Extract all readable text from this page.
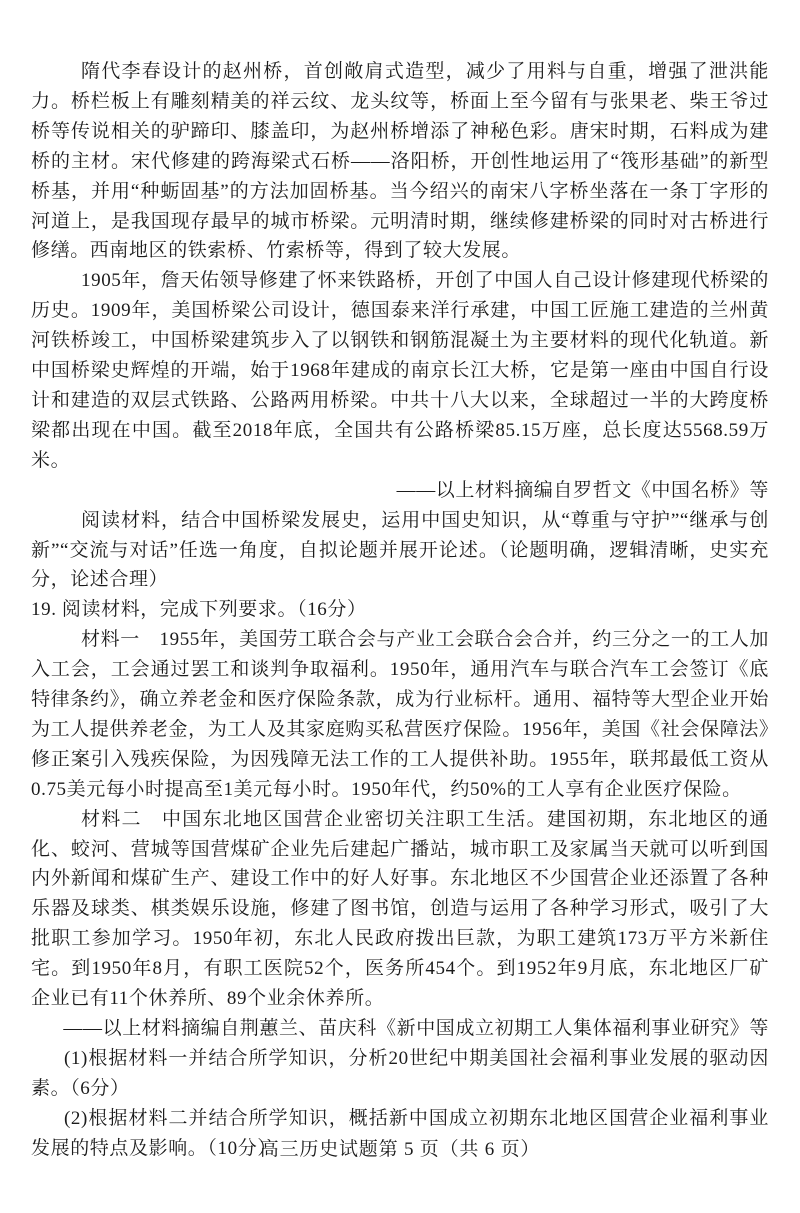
隋代李春设计的赵州桥，首创敞肩式造型，减少了用料与自重，增强了泄洪能力。桥栏板上有雕刻精美的祥云纹、龙头纹等，桥面上至今留有与张果老、柴王爷过桥等传说相关的驴蹄印、膝盖印，为赵州桥增添了神秘色彩。唐宋时期，石料成为建桥的主材。宋代修建的跨海梁式石桥——洛阳桥，开创性地运用了“筏形基础”的新型桥基，并用“种蛎固基”的方法加固桥基。当今绍兴的南宋八字桥坐落在一条丁字形的河道上，是我国现存最早的城市桥梁。元明清时期，继续修建桥梁的同时对古桥进行修缮。西南地区的铁索桥、竹索桥等，得到了较大发展。

1905年，詹天佑领导修建了怀来铁路桥，开创了中国人自己设计修建现代桥梁的历史。1909年，美国桥梁公司设计，德国泰来洋行承建，中国工匠施工建造的兰州黄河铁桥竣工，中国桥梁建筑步入了以钢铁和钢筋混凝土为主要材料的现代化轨道。新中国桥梁史辉煌的开端，始于1968年建成的南京长江大桥，它是第一座由中国自行设计和建造的双层式铁路、公路两用桥梁。中共十八大以来，全球超过一半的大跨度桥梁都出现在中国。截至2018年底，全国共有公路桥梁85.15万座，总长度达5568.59万米。

——以上材料摘编自罗哲文《中国名桥》等

阅读材料，结合中国桥梁发展史，运用中国史知识，从“尊重与守护”“继承与创新”“交流与对话”任选一角度，自拟论题并展开论述。（论题明确，逻辑清晰，史实充分，论述合理）

19. 阅读材料，完成下列要求。（16分）

材料一　1955年，美国劳工联合会与产业工会联合会合并，约三分之一的工人加入工会，工会通过罢工和谈判争取福利。1950年，通用汽车与联合汽车工会签订《底特律条约》，确立养老金和医疗保险条款，成为行业标杆。通用、福特等大型企业开始为工人提供养老金，为工人及其家庭购买私营医疗保险。1956年，美国《社会保障法》修正案引入残疾保险，为因残障无法工作的工人提供补助。1955年，联邦最低工资从0.75美元每小时提高至1美元每小时。1950年代，约50%的工人享有企业医疗保险。

材料二　中国东北地区国营企业密切关注职工生活。建国初期，东北地区的通化、蛟河、营城等国营煤矿企业先后建起广播站，城市职工及家属当天就可以听到国内外新闻和煤矿生产、建设工作中的好人好事。东北地区不少国营企业还添置了各种乐器及球类、棋类娱乐设施，修建了图书馆，创造与运用了各种学习形式，吸引了大批职工参加学习。1950年初，东北人民政府拨出巨款，为职工建筑173万平方米新住宅。到1950年8月，有职工医院52个，医务所454个。到1952年9月底，东北地区厂矿企业已有11个休养所、89个业余休养所。

——以上材料摘编自荆蕙兰、苗庆科《新中国成立初期工人集体福利事业研究》等

(1)根据材料一并结合所学知识，分析20世纪中期美国社会福利事业发展的驱动因素。（6分）

(2)根据材料二并结合所学知识，概括新中国成立初期东北地区国营企业福利事业发展的特点及影响。（10分）

高三历史试题第 5 页（共 6 页）
